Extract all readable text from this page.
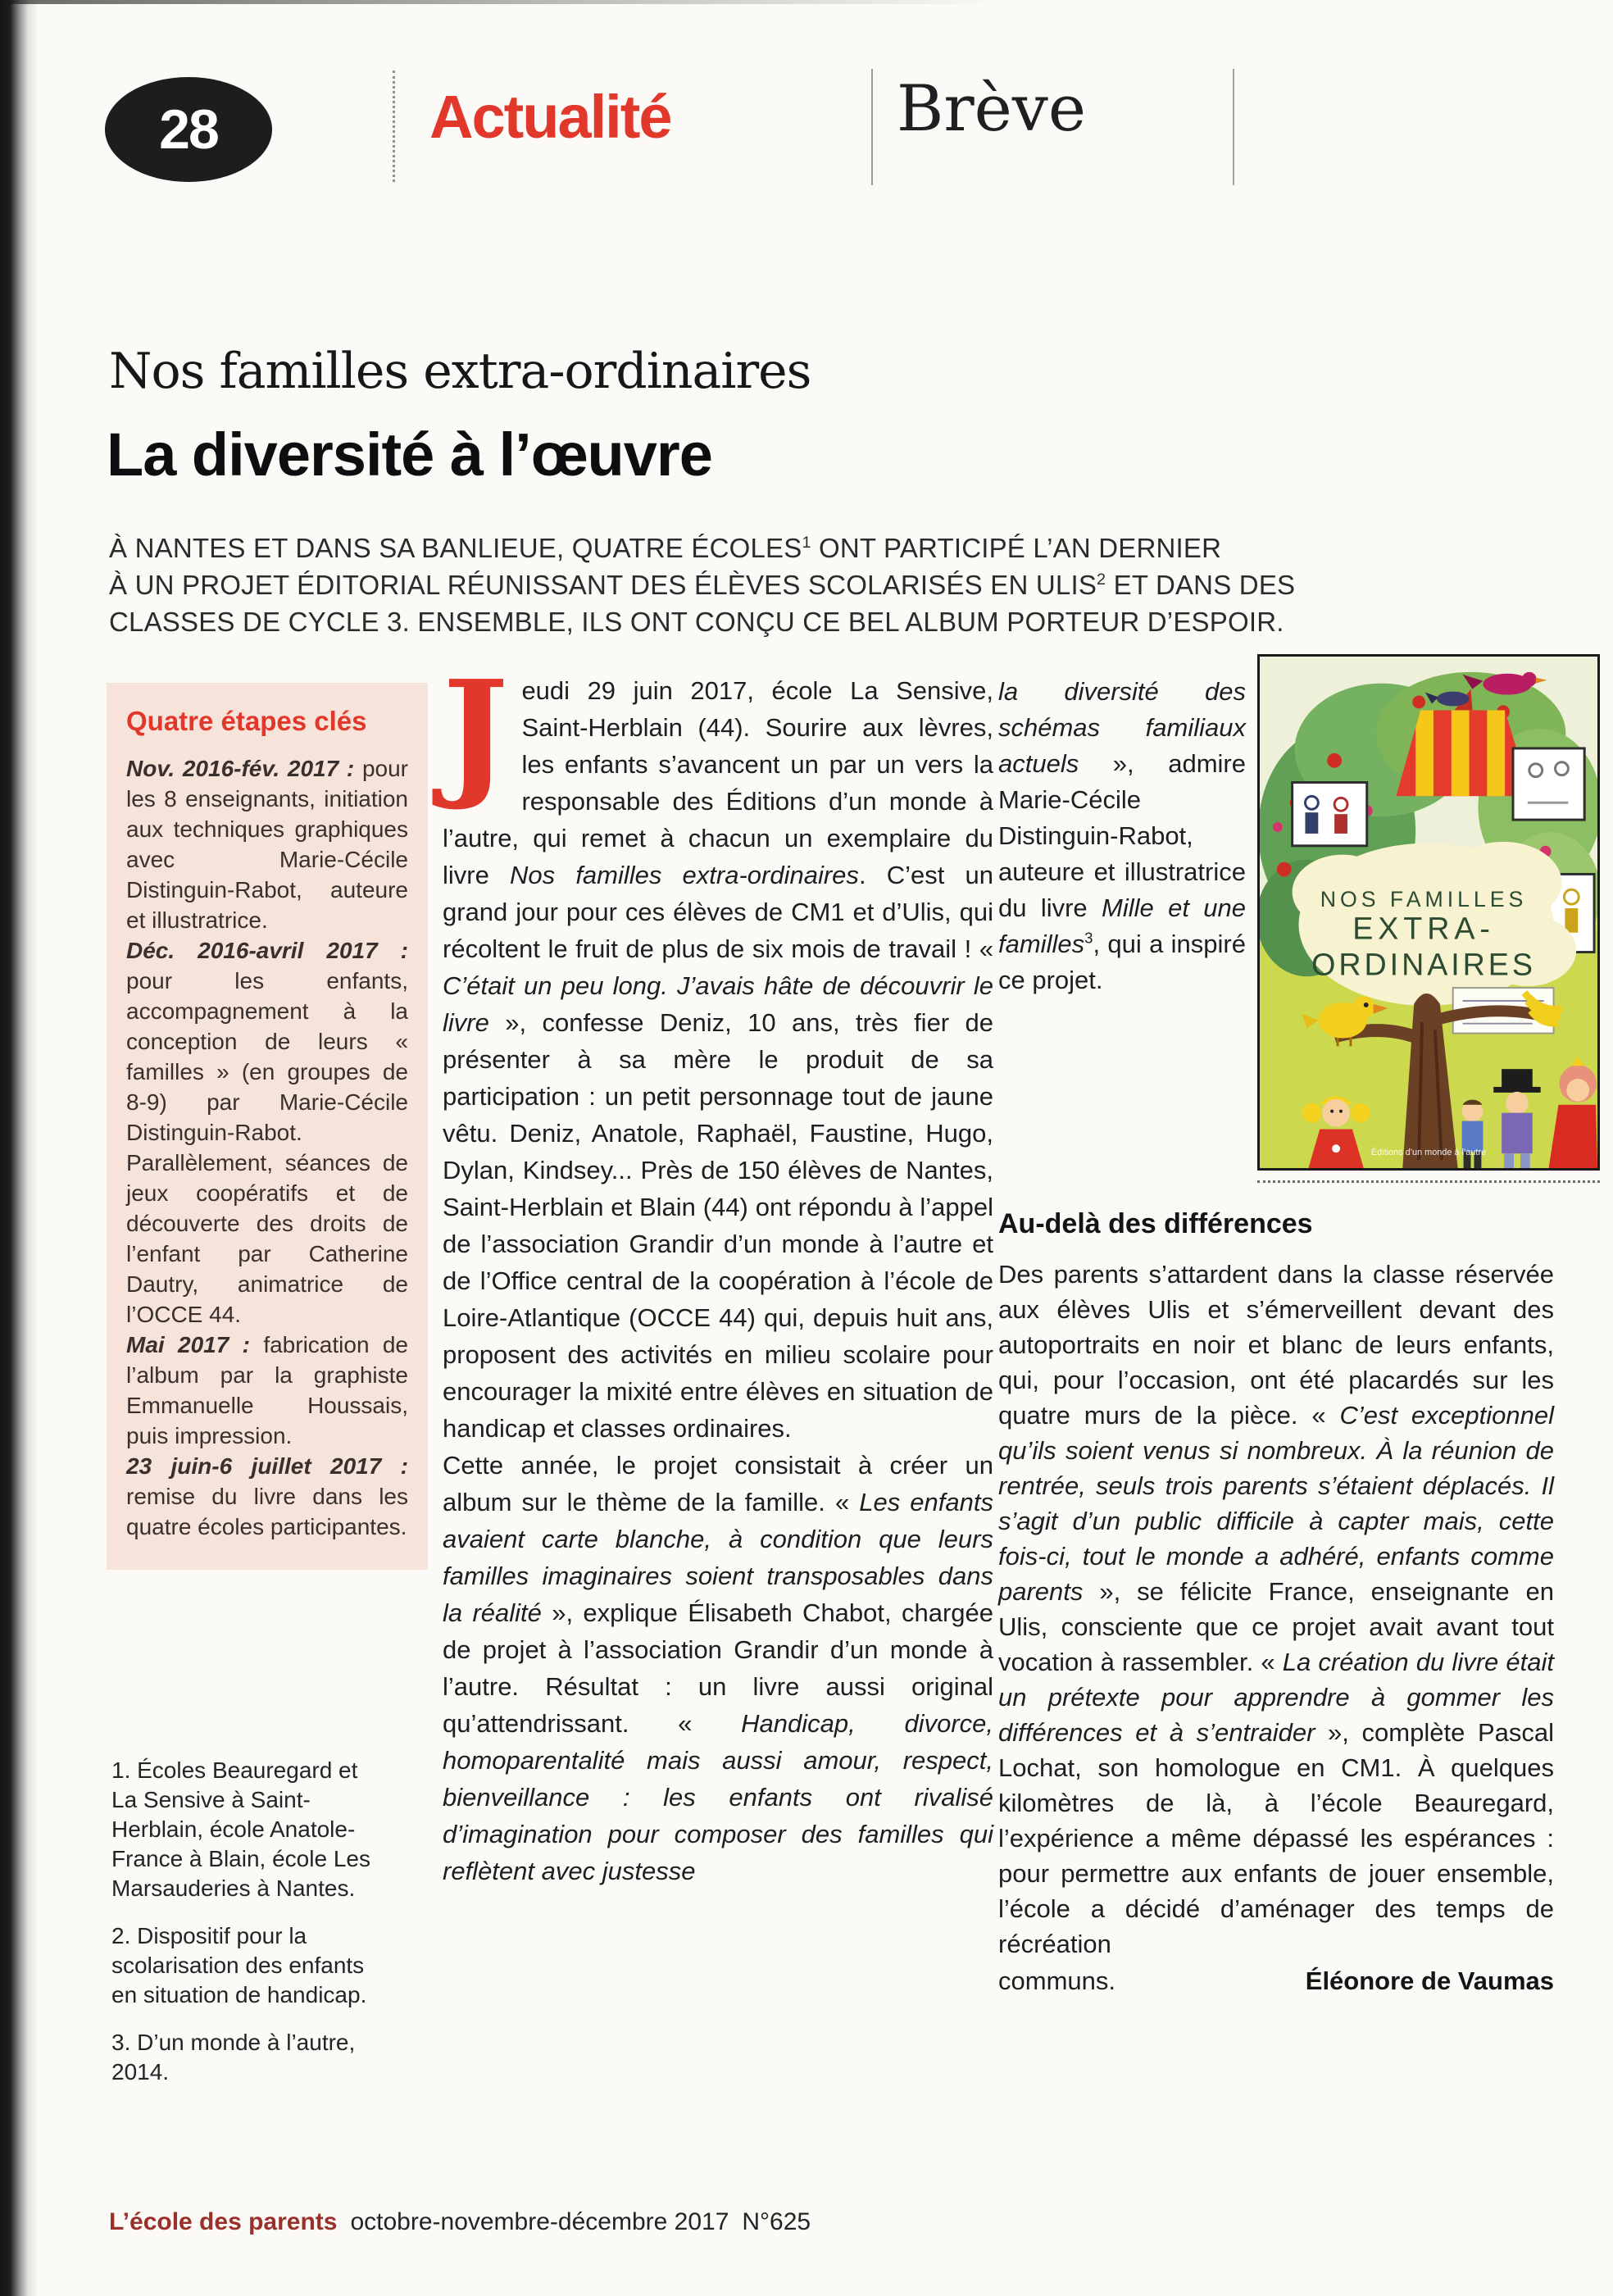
28	Actualité	Brève
Nos familles extra-ordinaires
La diversité à l’œuvre
À NANTES ET DANS SA BANLIEUE, QUATRE ÉCOLES$^1$ ONT PARTICIPÉ L’AN DERNIER
À UN PROJET ÉDITORIAL RÉUNISSANT DES ÉLÈVES SCOLARISÉS EN ULIS$^2$ ET DANS DES
CLASSES DE CYCLE 3. ENSEMBLE, ILS ONT CONÇU CE BEL ALBUM PORTEUR D’ESPOIR.
Quatre étapes clés
Nov. 2016-fév. 2017 : pour les 8 enseignants, initiation aux techniques graphiques avec Marie-Cécile Distinguin-Rabot, auteure et illustratrice.
Déc. 2016-avril 2017 : pour les enfants, accompagnement à la conception de leurs « familles » (en groupes de 8-9) par Marie-Cécile Distinguin-Rabot. Parallèlement, séances de jeux coopératifs et de découverte des droits de l’enfant par Catherine Dautry, animatrice de l’OCCE 44.
Mai 2017 : fabrication de l’album par la graphiste Emmanuelle Houssais, puis impression.
23 juin-6 juillet 2017 : remise du livre dans les quatre écoles participantes.
1. Écoles Beauregard et La Sensive à Saint-Herblain, école Anatole-France à Blain, école Les Marsauderies à Nantes.
2. Dispositif pour la scolarisation des enfants en situation de handicap.
3. D’un monde à l’autre, 2014.

Jeudi 29 juin 2017, école La Sensive, Saint-Herblain (44). Sourire aux lèvres, les enfants s’avancent un par un vers la responsable des Éditions d’un monde à l’autre, qui remet à chacun un exemplaire du livre Nos familles extra-ordinaires. C’est un grand jour pour ces élèves de CM1 et d’Ulis, qui récoltent le fruit de plus de six mois de travail ! « C’était un peu long. J’avais hâte de découvrir le livre », confesse Deniz, 10 ans, très fier de présenter à sa mère le produit de sa participation : un petit personnage tout de jaune vêtu. Deniz, Anatole, Raphaël, Faustine, Hugo, Dylan, Kindsey... Près de 150 élèves de Nantes, Saint-Herblain et Blain (44) ont répondu à l’appel de l’association Grandir d’un monde à l’autre et de l’Office central de la coopération à l’école de Loire-Atlantique (OCCE 44) qui, depuis huit ans, proposent des activités en milieu scolaire pour encourager la mixité entre élèves en situation de handicap et classes ordinaires.

Cette année, le projet consistait à créer un album sur le thème de la famille. « Les enfants avaient carte blanche, à condition que leurs familles imaginaires soient transposables dans la réalité », explique Élisabeth Chabot, chargée de projet à l’association Grandir d’un monde à l’autre. Résultat : un livre aussi original qu’attendrissant. « Handicap, divorce, homoparentalité mais aussi amour, respect, bienveillance : les enfants ont rivalisé d’imagination pour composer des familles qui reflètent avec justesse

la diversité des schémas familiaux actuels », admire Marie-Cécile Distinguin-Rabot, auteure et illustratrice du livre Mille et une familles$^3$, qui a inspiré ce projet.

NOS FAMILLES
EXTRA-
ORDINAIRES
Éditions d’un monde à l’autre
Au-delà des différences

Des parents s’attardent dans la classe réservée aux élèves Ulis et s’émerveillent devant des autoportraits en noir et blanc de leurs enfants, qui, pour l’occasion, ont été placardés sur les quatre murs de la pièce. « C’est exceptionnel qu’ils soient venus si nombreux. À la réunion de rentrée, seuls trois parents s’étaient déplacés. Il s’agit d’un public difficile à capter mais, cette fois-ci, tout le monde a adhéré, enfants comme parents », se félicite France, enseignante en Ulis, consciente que ce projet avait avant tout vocation à rassembler. « La création du livre était un prétexte pour apprendre à gommer les différences et à s’entraider », complète Pascal Lochat, son homologue en CM1. À quelques kilomètres de là, à l’école Beauregard, l’expérience a même dépassé les espérances : pour permettre aux enfants de jouer ensemble, l’école a décidé d’aménager des temps de récréation

communs.	Éléonore de Vaumas
L’école des parents octobre-novembre-décembre 2017 N°625
